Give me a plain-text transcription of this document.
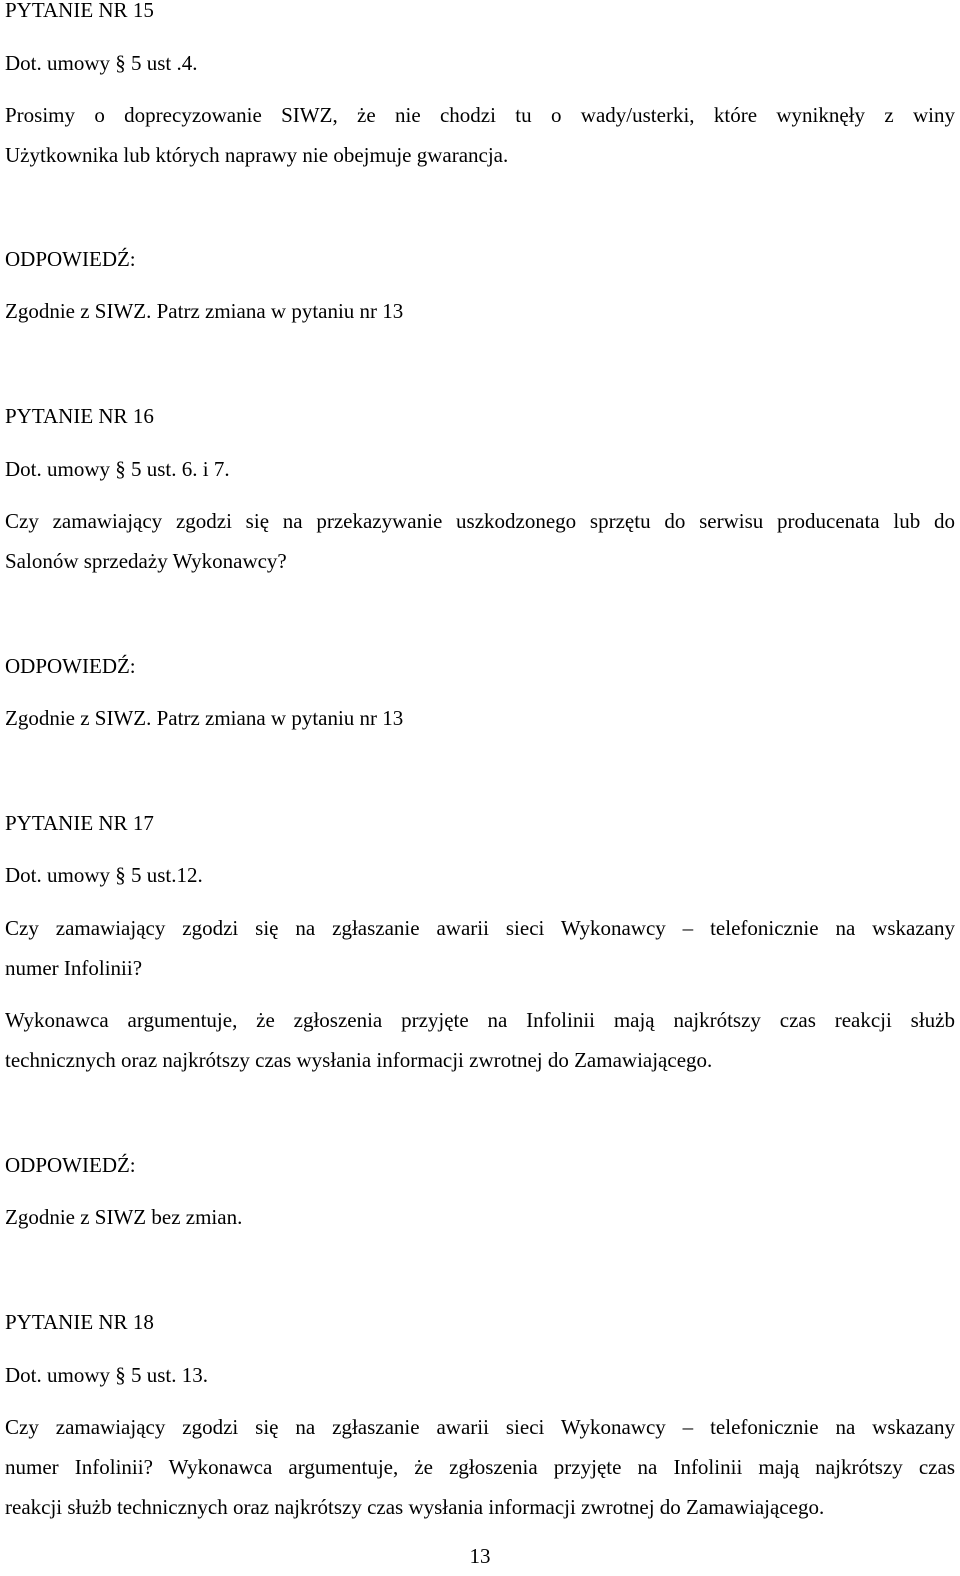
PYTANIE NR 15
Dot. umowy § 5 ust .4.
Prosimy o doprecyzowanie SIWZ, że nie chodzi tu o wady/usterki, które wyniknęły z winy
Użytkownika lub których naprawy nie obejmuje gwarancja.
ODPOWIEDŹ:
Zgodnie z SIWZ. Patrz zmiana w pytaniu nr 13
PYTANIE NR 16
Dot. umowy § 5 ust. 6. i 7.
Czy zamawiający zgodzi się na przekazywanie uszkodzonego sprzętu do serwisu producenata lub do
Salonów sprzedaży Wykonawcy?
ODPOWIEDŹ:
Zgodnie z SIWZ. Patrz zmiana w pytaniu nr 13
PYTANIE NR 17
Dot. umowy § 5 ust.12.
Czy zamawiający zgodzi się na zgłaszanie awarii sieci Wykonawcy – telefonicznie na wskazany
numer Infolinii?
Wykonawca argumentuje, że zgłoszenia przyjęte na Infolinii mają najkrótszy czas reakcji służb
technicznych oraz najkrótszy czas wysłania informacji zwrotnej do Zamawiającego.
ODPOWIEDŹ:
Zgodnie z SIWZ bez zmian.
PYTANIE NR 18
Dot. umowy § 5 ust. 13.
Czy zamawiający zgodzi się na zgłaszanie awarii sieci Wykonawcy – telefonicznie na wskazany
numer Infolinii? Wykonawca argumentuje, że zgłoszenia przyjęte na Infolinii mają najkrótszy czas
reakcji służb technicznych oraz najkrótszy czas wysłania informacji zwrotnej do Zamawiającego.
13
